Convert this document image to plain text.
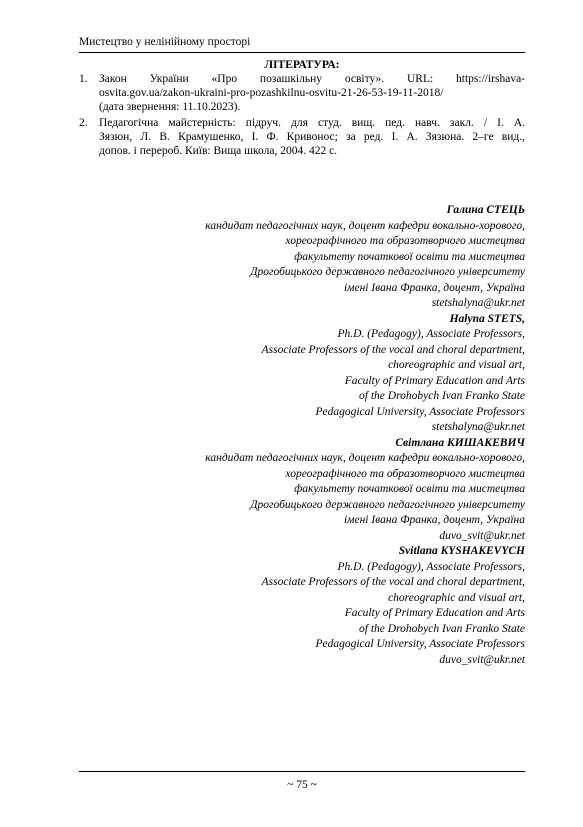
Мистецтво у нелінійному просторі
ЛІТЕРАТУРА:
1. Закон України «Про позашкільну освіту». URL: https://irshava-
osvita.gov.ua/zakon-ukraini-pro-pozashkilnu-osvitu-21-26-53-19-11-2018/
(дата звернення: 11.10.2023).
2. Педагогічна майстерність: підруч. для студ. вищ. пед. навч. закл. / І. А.
Зязюн, Л. В. Крамушенко, І. Ф. Кривонос; за ред. І. А. Зязюна. 2–ге вид.,
допов. і перероб. Київ: Вища школа, 2004. 422 с.
Галина СТЕЦЬ
кандидат педагогічних наук, доцент кафедри вокально-хорового,
хореографічного та образотворчого мистецтва
факультету початкової освіти та мистецтва
Дрогобицького державного педагогічного університету
імені Івана Франка, доцент, Україна
stetshalyna@ukr.net
Halyna STETS,
Ph.D. (Pedagogy), Associate Professors,
Associate Professors of the vocal and choral department,
choreographic and visual art,
Faculty of Primary Education and Arts
of the Drohobych Ivan Franko State
Pedagogical University, Associate Professors
stetshalyna@ukr.net
Світлана КИШАКЕВИЧ
кандидат педагогічних наук, доцент кафедри вокально-хорового,
хореографічного та образотворчого мистецтва
факультету початкової освіти та мистецтва
Дрогобицького державного педагогічного університету
імені Івана Франка, доцент, Україна
duvo_svit@ukr.net
Svitlana KYSHAKEVYCH
Ph.D. (Pedagogy), Associate Professors,
Associate Professors of the vocal and choral department,
choreographic and visual art,
Faculty of Primary Education and Arts
of the Drohobych Ivan Franko State
Pedagogical University, Associate Professors
duvo_svit@ukr.net
~ 75 ~
